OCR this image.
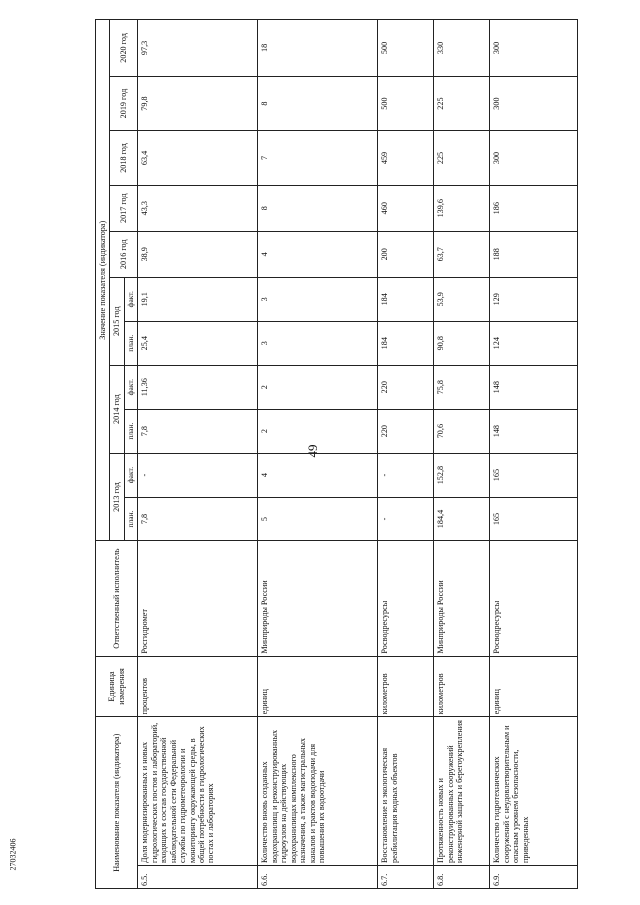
49
27032406	Наименование показателя (индикатора)		Единица измерения	Ответственный исполнитель	Значение показателя (индикатора)										
				2013 год		2014 год		2015 год		2016 год	2017 год	2018 год	2019 год	2020 год
				план.	факт.	план.	факт.	план.	факт.					
6.5.	Доля модернизированных и новых гидрологических постов и лабораторий, входящих в состав государственной наблюдательной сети Федеральной службы по гидрометеорологии и мониторингу окружающей среды, в общей потребности в гидрологических постах и лабораториях	процентов	Росгидромет	7,8	-	7,8	11,36	25,4	19,1	38,9	43,3	63,4	79,8	97,3
6.6.	Количество вновь созданных водохранилищ и реконструированных гидроузлов на действующих водохранилищах комплексного назначения, а также магистральных каналов и трактов водоподачи для повышения их водоотдачи	единиц	Минприроды России	5	4	2	2	3	3	4	8	7	8	18
6.7.	Восстановление и экологическая реабилитация водных объектов	километров	Росводресурсы	-	-	220	220	184	184	200	460	459	500	500
6.8.	Протяженность новых и реконструированных сооружений инженерной защиты и берегоукрепления	километров	Минприроды России	184,4	152,8	70,6	75,8	90,8	53,9	63,7	139,6	225	225	330
6.9.	Количество гидротехнических сооружений с неудовлетворительным и опасным уровнем безопасности, приведенных	единиц	Росводресурсы	165	165	148	148	124	129	188	186	300	300	300
